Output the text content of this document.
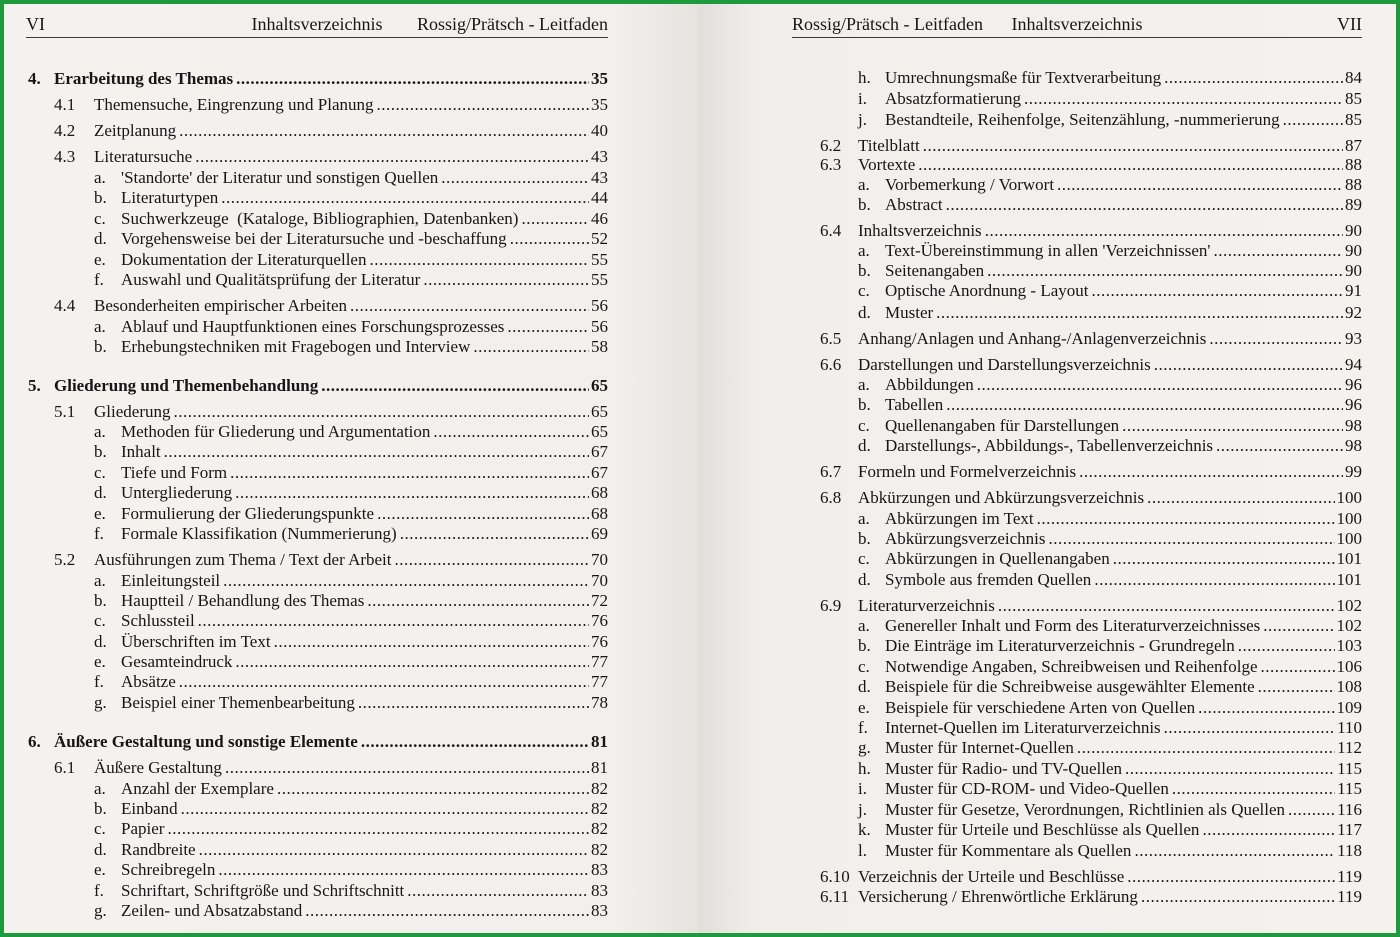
VI	Inhaltsverzeichnis Rossig/Prätsch - Leitfaden
4. Erarbeitung des Themas .....	35
4.1	Themensuche, Eingrenzung und Planung .....	35
4.2	Zeitplanung .....	40
4.3	Literatursuche .....	43
a. 'Standorte' der Literatur und sonstigen Quellen .....	43
b. Literaturtypen .....	44
c. Suchwerkzeuge  (Kataloge, Bibliographien, Datenbanken) .....	46
d. Vorgehensweise bei der Literatursuche und -beschaffung .....	52
e. Dokumentation der Literaturquellen .....	55
f.	Auswahl und Qualitätsprüfung der Literatur .....	55
4.4	Besonderheiten empirischer Arbeiten .....	56
a. Ablauf und Hauptfunktionen eines Forschungsprozesses .....	56
b. Erhebungstechniken mit Fragebogen und Interview .....	58
5. Gliederung und Themenbehandlung .....	65
5.1	Gliederung .....	65
a. Methoden für Gliederung und Argumentation .....	65
b. Inhalt .....	67
c. Tiefe und Form .....	67
d. Untergliederung .....	68
e. Formulierung der Gliederungspunkte .....	68
f.	Formale Klassifikation (Nummerierung) .....	69
5.2	Ausführungen zum Thema / Text der Arbeit .....	70
a. Einleitungsteil .....	70
b. Hauptteil / Behandlung des Themas .....	72
c. Schlussteil .....	76
d. Überschriften im Text .....	76
e. Gesamteindruck .....	77
f.	Absätze .....	77
g. Beispiel einer Themenbearbeitung .....	78
6. Äußere Gestaltung und sonstige Elemente .....	81
6.1	Äußere Gestaltung .....	81
a. Anzahl der Exemplare .....	82
b. Einband .....	82
c. Papier .....	82
d. Randbreite .....	82
e. Schreibregeln .....	83
f.	Schriftart, Schriftgröße und Schriftschnitt .....	83
g. Zeilen- und Absatzabstand .....	83
Rossig/Prätsch - Leitfaden Inhaltsverzeichnis	VII
h. Umrechnungsmaße für Textverarbeitung .....	84
i.	Absatzformatierung .....	85
j.	Bestandteile, Reihenfolge, Seitenzählung, -nummerierung .....	85
6.2 Titelblatt .....	87
6.3 Vortexte .....	88
a. Vorbemerkung / Vorwort .....	88
b. Abstract .....	89
6.4 Inhaltsverzeichnis .....	90
a. Text-Übereinstimmung in allen 'Verzeichnissen' .....	90
b. Seitenangaben .....	90
c. Optische Anordnung - Layout .....	91
d. Muster .....	92
6.5 Anhang/Anlagen und Anhang-/Anlagenverzeichnis .....	93
6.6 Darstellungen und Darstellungsverzeichnis .....	94
a. Abbildungen .....	96
b. Tabellen .....	96
c. Quellenangaben für Darstellungen .....	98
d. Darstellungs-, Abbildungs-, Tabellenverzeichnis .....	98
6.7 Formeln und Formelverzeichnis .....	99
6.8 Abkürzungen und Abkürzungsverzeichnis .....	100
a. Abkürzungen im Text .....	100
b. Abkürzungsverzeichnis .....	100
c. Abkürzungen in Quellenangaben .....	101
d. Symbole aus fremden Quellen .....	101
6.9 Literaturverzeichnis .....	102
a. Genereller Inhalt und Form des Literaturverzeichnisses .....	102
b. Die Einträge im Literaturverzeichnis - Grundregeln .....	103
c. Notwendige Angaben, Schreibweisen und Reihenfolge .....	106
d. Beispiele für die Schreibweise ausgewählter Elemente .....	108
e. Beispiele für verschiedene Arten von Quellen .....	109
f.	Internet-Quellen im Literaturverzeichnis .....	110
g. Muster für Internet-Quellen .....	112
h. Muster für Radio- und TV-Quellen .....	115
i.	Muster für CD-ROM- und Video-Quellen .....	115
j.	Muster für Gesetze, Verordnungen, Richtlinien als Quellen .....	116
k. Muster für Urteile und Beschlüsse als Quellen .....	117
l.	Muster für Kommentare als Quellen .....	118
6.10 Verzeichnis der Urteile und Beschlüsse .....	119
6.11 Versicherung / Ehrenwörtliche Erklärung .....	119
